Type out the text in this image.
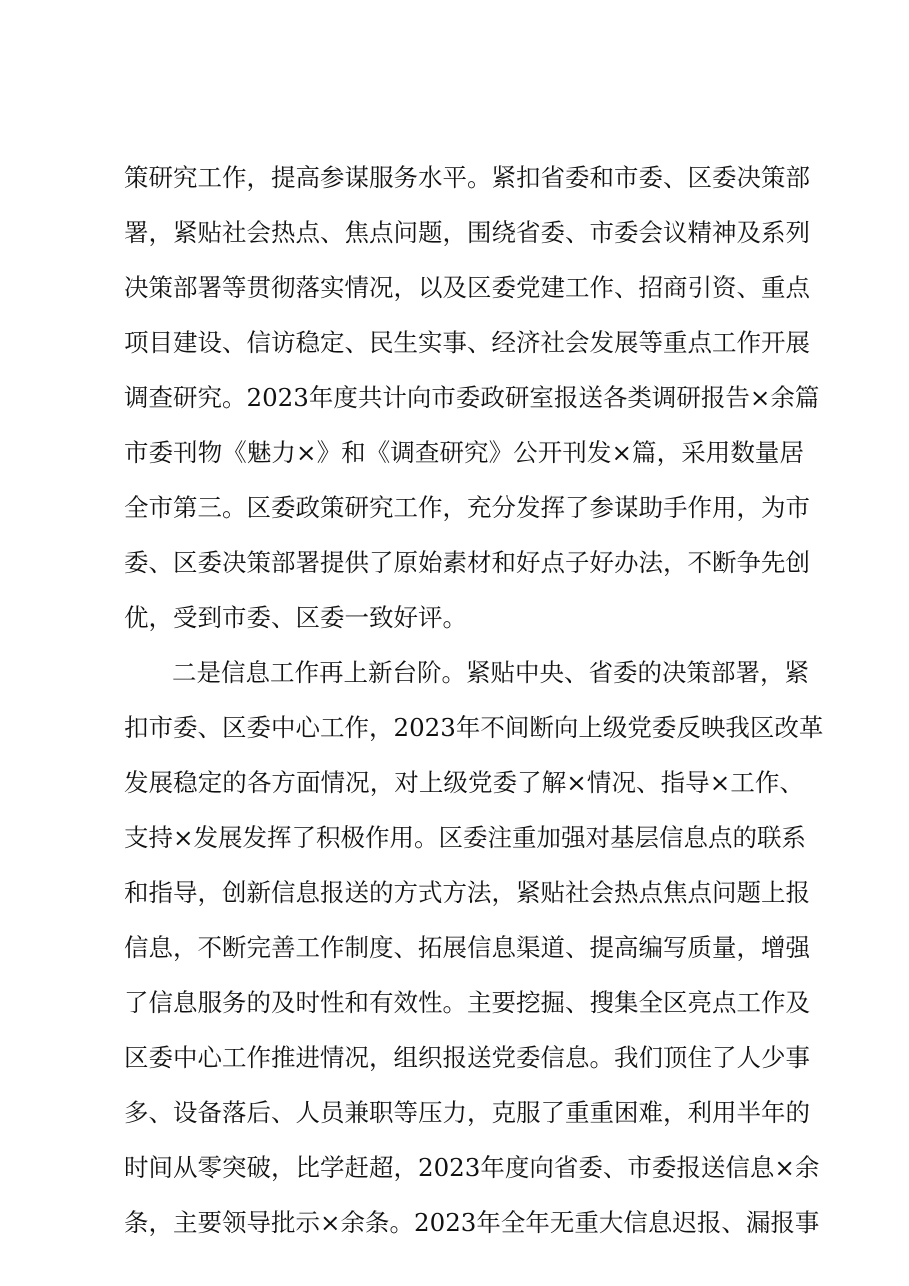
策研究工作，提高参谋服务水平。紧扣省委和市委、区委决策部
署，紧贴社会热点、焦点问题，围绕省委、市委会议精神及系列
决策部署等贯彻落实情况，以及区委党建工作、招商引资、重点
项目建设、信访稳定、民生实事、经济社会发展等重点工作开展
调查研究。2023年度共计向市委政研室报送各类调研报告×余篇
市委刊物《魅力×》和《调查研究》公开刊发×篇，采用数量居
全市第三。区委政策研究工作，充分发挥了参谋助手作用，为市
委、区委决策部署提供了原始素材和好点子好办法，不断争先创
优，受到市委、区委一致好评。
二是信息工作再上新台阶。紧贴中央、省委的决策部署，紧
扣市委、区委中心工作，2023年不间断向上级党委反映我区改革
发展稳定的各方面情况，对上级党委了解×情况、指导×工作、
支持×发展发挥了积极作用。区委注重加强对基层信息点的联系
和指导，创新信息报送的方式方法，紧贴社会热点焦点问题上报
信息，不断完善工作制度、拓展信息渠道、提高编写质量，增强
了信息服务的及时性和有效性。主要挖掘、搜集全区亮点工作及
区委中心工作推进情况，组织报送党委信息。我们顶住了人少事
多、设备落后、人员兼职等压力，克服了重重困难，利用半年的
时间从零突破，比学赶超，2023年度向省委、市委报送信息×余
条，主要领导批示×余条。2023年全年无重大信息迟报、漏报事
